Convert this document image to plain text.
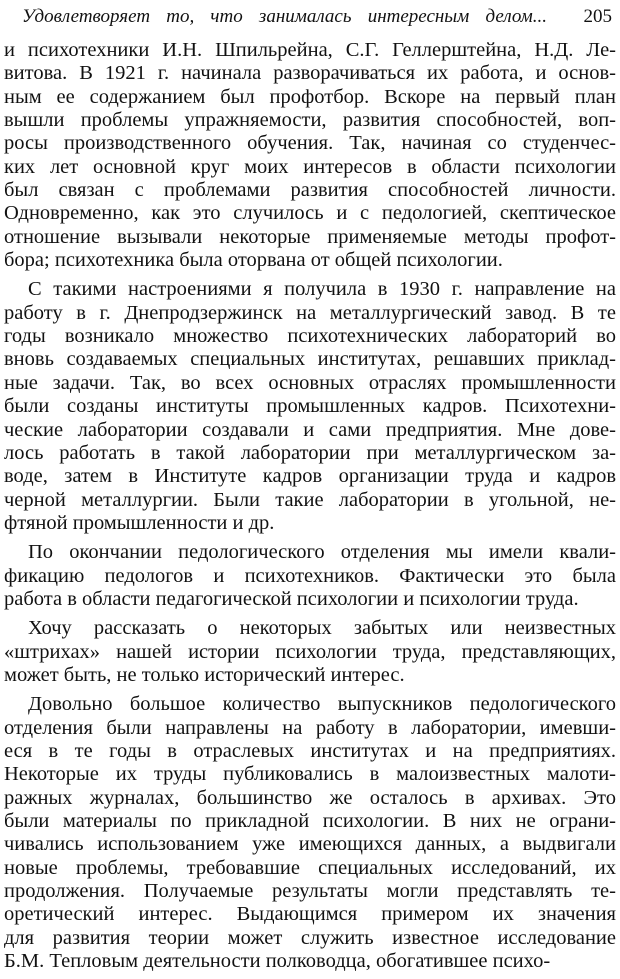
Удовлетворяет то, что занималась интересным делом... 205
и психотехники И.Н. Шпильрейна, С.Г. Геллерштейна, Н.Д. Ле-
витова. В 1921 г. начинала разворачиваться их работа, и основ-
ным ее содержанием был профотбор. Вскоре на первый план
вышли проблемы упражняемости, развития способностей, воп-
росы производственного обучения. Так, начиная со студенчес-
ких лет основной круг моих интересов в области психологии
был связан с проблемами развития способностей личности.
Одновременно, как это случилось и с педологией, скептическое
отношение вызывали некоторые применяемые методы профот-
бора; психотехника была оторвана от общей психологии.
С такими настроениями я получила в 1930 г. направление на
работу в г. Днепродзержинск на металлургический завод. В те
годы возникало множество психотехнических лабораторий во
вновь создаваемых специальных институтах, решавших приклад-
ные задачи. Так, во всех основных отраслях промышленности
были созданы институты промышленных кадров. Психотехни-
ческие лаборатории создавали и сами предприятия. Мне дове-
лось работать в такой лаборатории при металлургическом за-
воде, затем в Институте кадров организации труда и кадров
черной металлургии. Были такие лаборатории в угольной, не-
фтяной промышленности и др.
По окончании педологического отделения мы имели квали-
фикацию педологов и психотехников. Фактически это была
работа в области педагогической психологии и психологии труда.
Хочу рассказать о некоторых забытых или неизвестных
«штрихах» нашей истории психологии труда, представляющих,
может быть, не только исторический интерес.
Довольно большое количество выпускников педологического
отделения были направлены на работу в лаборатории, имевши-
еся в те годы в отраслевых институтах и на предприятиях.
Некоторые их труды публиковались в малоизвестных малоти-
ражных журналах, большинство же осталось в архивах. Это
были материалы по прикладной психологии. В них не ограни-
чивались использованием уже имеющихся данных, а выдвигали
новые проблемы, требовавшие специальных исследований, их
продолжения. Получаемые результаты могли представлять те-
оретический интерес. Выдающимся примером их значения
для развития теории может служить известное исследование
Б.М. Тепловым деятельности полководца, обогатившее психо-
